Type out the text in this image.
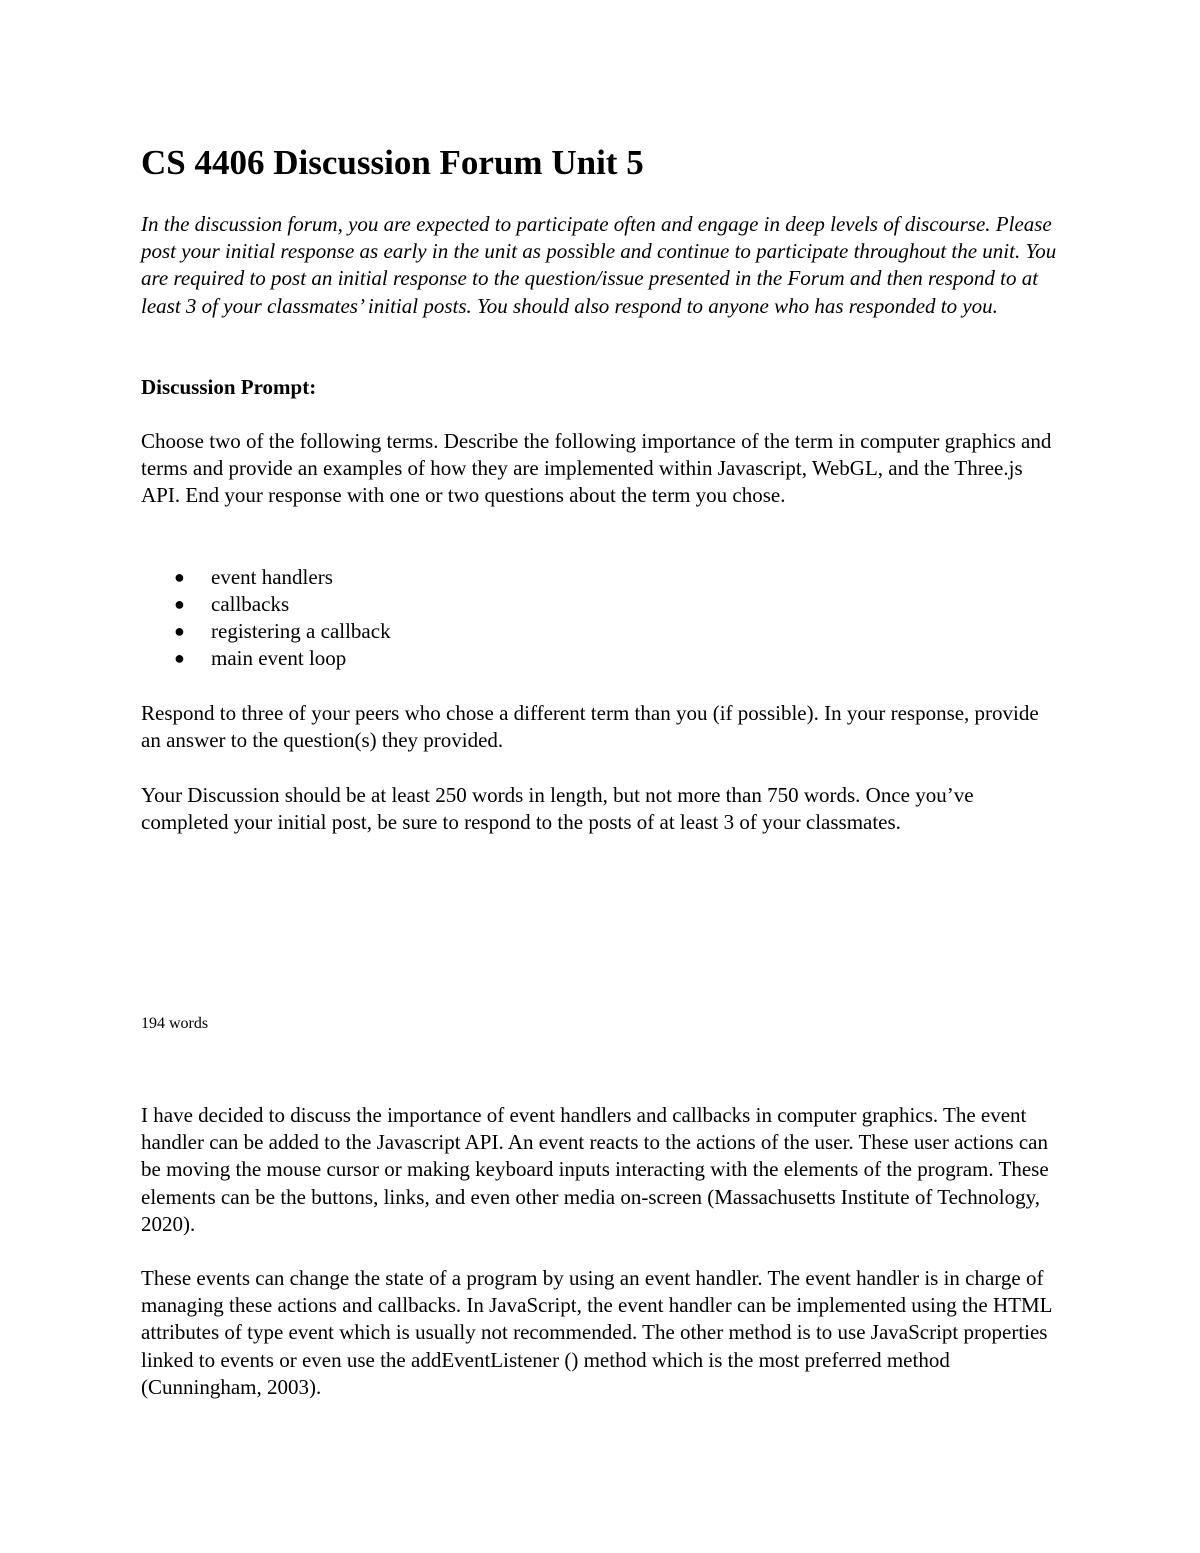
CS 4406 Discussion Forum Unit 5

In the discussion forum, you are expected to participate often and engage in deep levels of discourse. Please post your initial response as early in the unit as possible and continue to participate throughout the unit. You are required to post an initial response to the question/issue presented in the Forum and then respond to at least 3 of your classmates’ initial posts. You should also respond to anyone who has responded to you.

Discussion Prompt:

Choose two of the following terms. Describe the following importance of the term in computer graphics and terms and provide an examples of how they are implemented within Javascript, WebGL, and the Three.js API. End your response with one or two questions about the term you chose.

● event handlers
● callbacks
● registering a callback
● main event loop

Respond to three of your peers who chose a different term than you (if possible). In your response, provide an answer to the question(s) they provided.

Your Discussion should be at least 250 words in length, but not more than 750 words. Once you’ve completed your initial post, be sure to respond to the posts of at least 3 of your classmates.

194 words

I have decided to discuss the importance of event handlers and callbacks in computer graphics. The event handler can be added to the Javascript API. An event reacts to the actions of the user. These user actions can be moving the mouse cursor or making keyboard inputs interacting with the elements of the program. These elements can be the buttons, links, and even other media on-screen (Massachusetts Institute of Technology, 2020).

These events can change the state of a program by using an event handler. The event handler is in charge of managing these actions and callbacks. In JavaScript, the event handler can be implemented using the HTML attributes of type event which is usually not recommended. The other method is to use JavaScript properties linked to events or even use the addEventListener () method which is the most preferred method (Cunningham, 2003).
